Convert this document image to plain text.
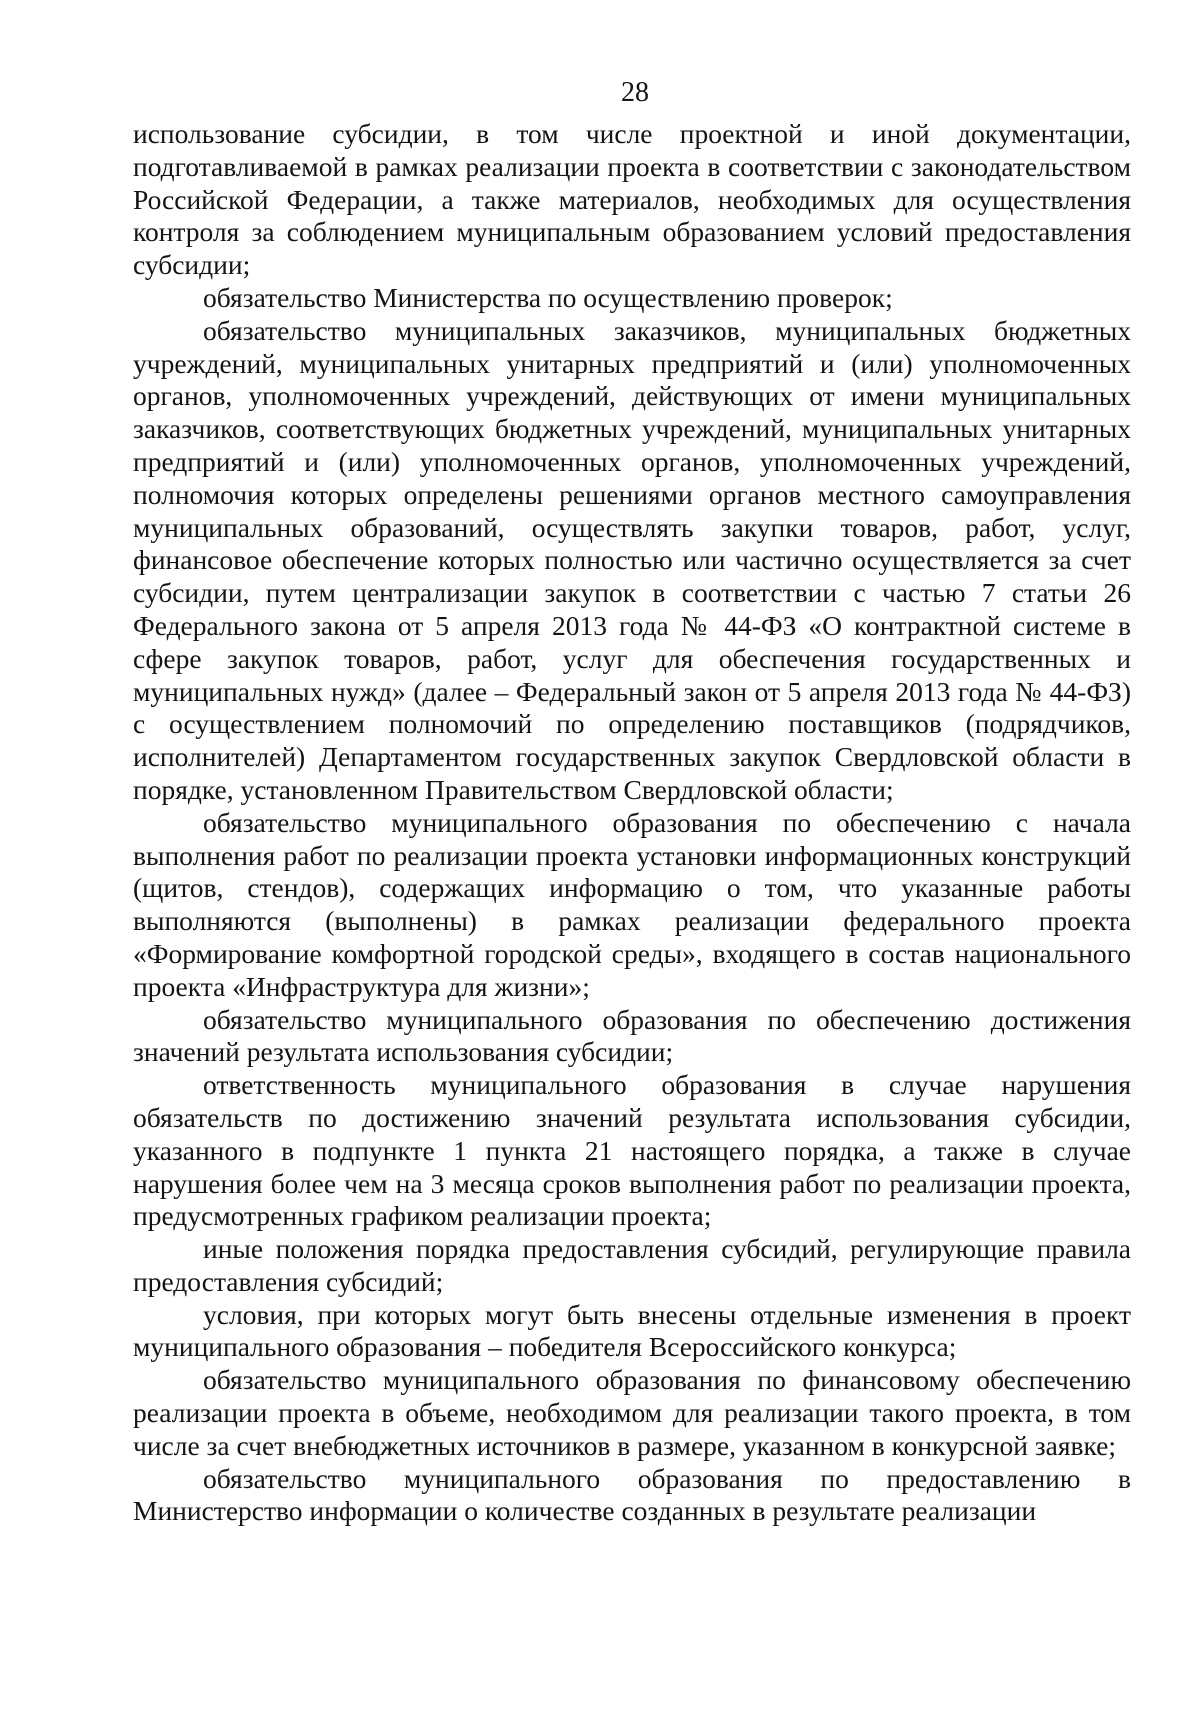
28

использование субсидии, в том числе проектной и иной документации, подготавливаемой в рамках реализации проекта в соответствии с законодательством Российской Федерации, а также материалов, необходимых для осуществления контроля за соблюдением муниципальным образованием условий предоставления субсидии;

обязательство Министерства по осуществлению проверок;

обязательство муниципальных заказчиков, муниципальных бюджетных учреждений, муниципальных унитарных предприятий и (или) уполномоченных органов, уполномоченных учреждений, действующих от имени муниципальных заказчиков, соответствующих бюджетных учреждений, муниципальных унитарных предприятий и (или) уполномоченных органов, уполномоченных учреждений, полномочия которых определены решениями органов местного самоуправления муниципальных образований, осуществлять закупки товаров, работ, услуг, финансовое обеспечение которых полностью или частично осуществляется за счет субсидии, путем централизации закупок в соответствии с частью 7 статьи 26 Федерального закона от 5 апреля 2013 года № 44-ФЗ «О контрактной системе в сфере закупок товаров, работ, услуг для обеспечения государственных и муниципальных нужд» (далее – Федеральный закон от 5 апреля 2013 года № 44-ФЗ) с осуществлением полномочий по определению поставщиков (подрядчиков, исполнителей) Департаментом государственных закупок Свердловской области в порядке, установленном Правительством Свердловской области;

обязательство муниципального образования по обеспечению с начала выполнения работ по реализации проекта установки информационных конструкций (щитов, стендов), содержащих информацию о том, что указанные работы выполняются (выполнены) в рамках реализации федерального проекта «Формирование комфортной городской среды», входящего в состав национального проекта «Инфраструктура для жизни»;

обязательство муниципального образования по обеспечению достижения значений результата использования субсидии;

ответственность муниципального образования в случае нарушения обязательств по достижению значений результата использования субсидии, указанного в подпункте 1 пункта 21 настоящего порядка, а также в случае нарушения более чем на 3 месяца сроков выполнения работ по реализации проекта, предусмотренных графиком реализации проекта;

иные положения порядка предоставления субсидий, регулирующие правила предоставления субсидий;

условия, при которых могут быть внесены отдельные изменения в проект муниципального образования – победителя Всероссийского конкурса;

обязательство муниципального образования по финансовому обеспечению реализации проекта в объеме, необходимом для реализации такого проекта, в том числе за счет внебюджетных источников в размере, указанном в конкурсной заявке;

обязательство муниципального образования по предоставлению в Министерство информации о количестве созданных в результате реализации
